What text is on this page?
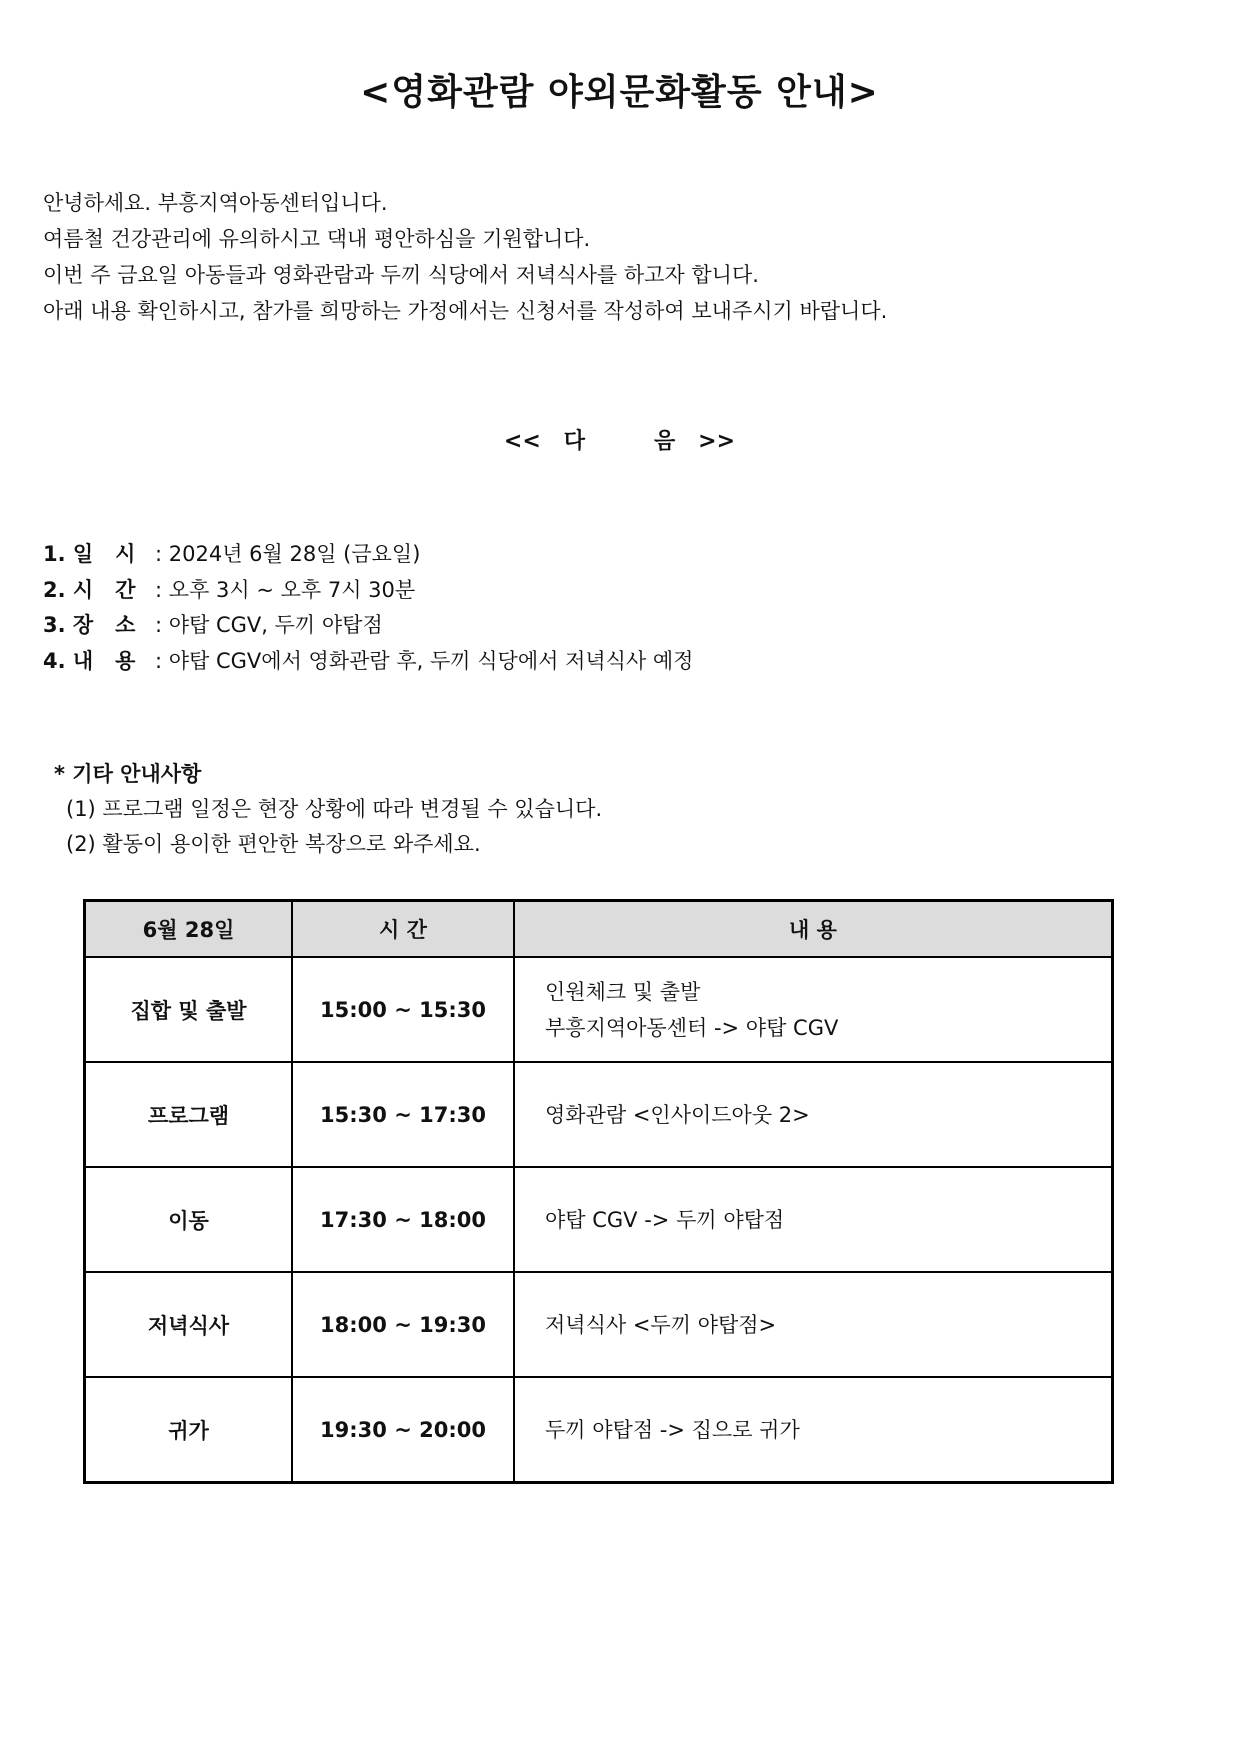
<영화관람 야외문화활동 안내>

안녕하세요. 부흥지역아동센터입니다.

여름철 건강관리에 유의하시고 댁내 평안하심을 기원합니다.

이번 주 금요일 아동들과 영화관람과 두끼 식당에서 저녁식사를 하고자 합니다.

아래 내용 확인하시고, 참가를 희망하는 가정에서는 신청서를 작성하여 보내주시기 바랍니다.

<<   다         음   >>
1. 일   시 : 2024년 6월 28일 (금요일)
2. 시   간 : 오후 3시 ~ 오후 7시 30분
3. 장   소 : 야탑 CGV, 두끼 야탑점
4. 내   용 : 야탑 CGV에서 영화관람 후, 두끼 식당에서 저녁식사 예정
* 기타 안내사항
(1) 프로그램 일정은 현장 상황에 따라 변경될 수 있습니다.
(2) 활동이 용이한 편안한 복장으로 와주세요.
6월 28일	시 간	내 용
집합 및 출발	15:00 ~ 15:30	인원체크 및 출발
부흥지역아동센터 -> 야탑 CGV

프로그램	15:30 ~ 17:30	영화관람 <인사이드아웃 2>

이동	17:30 ~ 18:00	야탑 CGV -> 두끼 야탑점

저녁식사	18:00 ~ 19:30	저녁식사 <두끼 야탑점>

귀가	19:30 ~ 20:00	두끼 야탑점 -> 집으로 귀가
